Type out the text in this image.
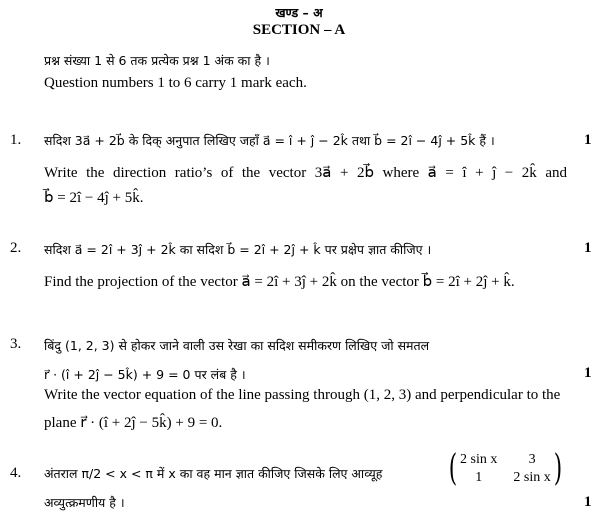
खण्ड – अ
SECTION – A
प्रश्न संख्या 1 से 6 तक प्रत्येक प्रश्न 1 अंक का है ।
Question numbers 1 to 6 carry 1 mark each.
1. सदिश 3a⃗ + 2b⃗ के दिक् अनुपात लिखिए जहाँ a⃗ = î + ĵ − 2k̂ तथा b⃗ = 2î − 4ĵ + 5k̂ हैं ।	1
Write the direction ratio’s of the vector 3a⃗ + 2b⃗ where a⃗ = î + ĵ − 2k̂ and
b⃗ = 2î − 4ĵ + 5k̂.
2. सदिश a⃗ = 2î + 3ĵ + 2k̂ का सदिश b⃗ = 2î + 2ĵ + k̂ पर प्रक्षेप ज्ञात कीजिए ।	1
Find the projection of the vector a⃗ = 2î + 3ĵ + 2k̂ on the vector b⃗ = 2î + 2ĵ + k̂.
3. बिंदु (1, 2, 3) से होकर जाने वाली उस रेखा का सदिश समीकरण लिखिए जो समतल
r⃗ · (î + 2ĵ − 5k̂) + 9 = 0 पर लंब है ।	1
Write the vector equation of the line passing through (1, 2, 3) and perpendicular to the
plane r⃗ · (î + 2ĵ − 5k̂) + 9 = 0.
4. अंतराल π/2 < x < π में x का वह मान ज्ञात कीजिए जिसके लिए आव्यूह ( 2 sin x	3
1	2 sin x )
अव्युत्क्रमणीय है ।	1
